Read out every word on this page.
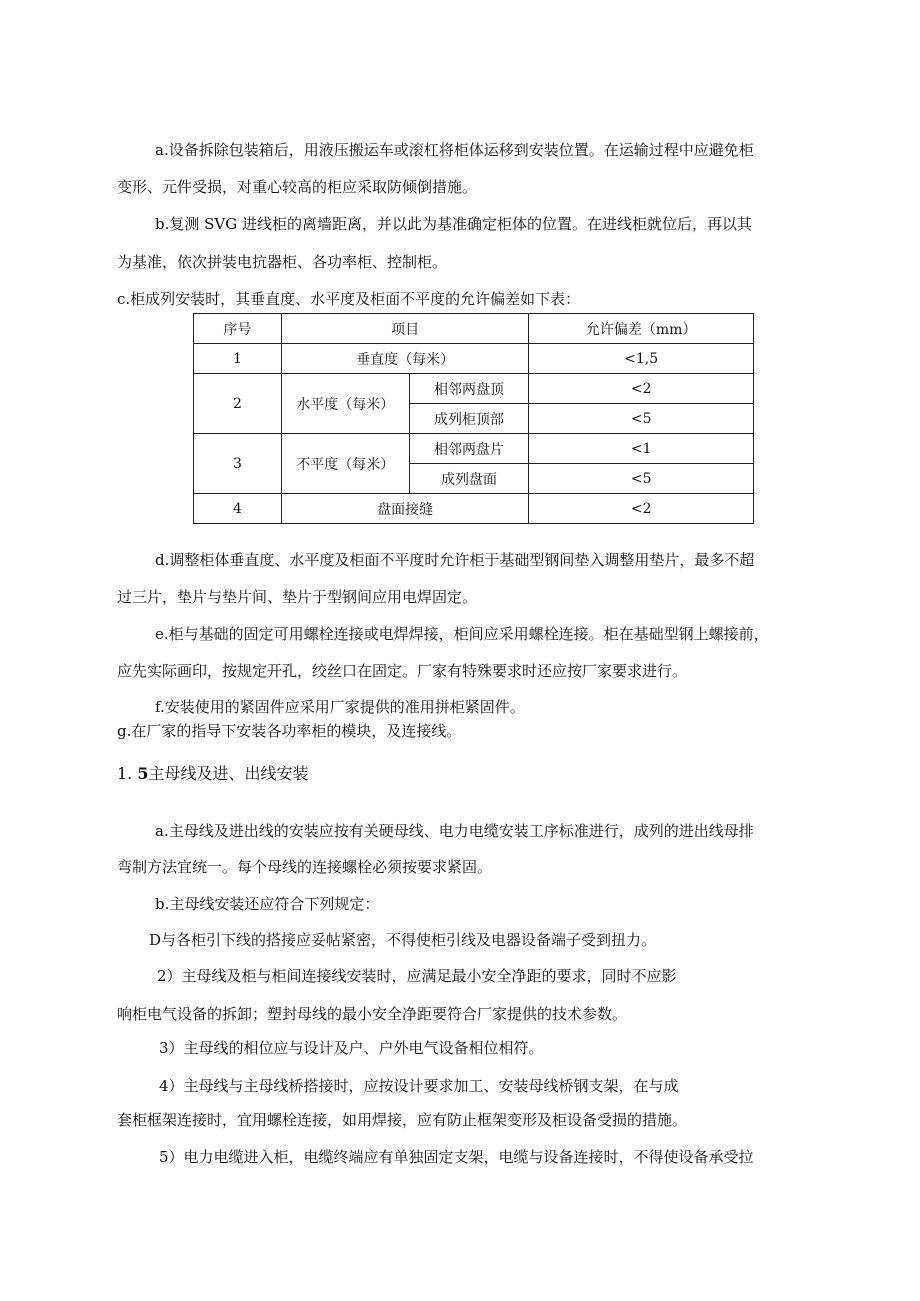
a.设备拆除包装箱后，用液压搬运车或滚杠将柜体运移到安装位置。在运输过程中应避免柜
变形、元件受损，对重心较高的柜应采取防倾倒措施。
b.复测 SVG 进线柜的离墙距离，并以此为基准确定柜体的位置。在进线柜就位后，再以其
为基准，依次拼装电抗器柜、各功率柜、控制柜。
c.柜成列安装时，其垂直度、水平度及柜面不平度的允许偏差如下表：
序号	项目		允许偏差（mm）
1	垂直度（每米）		<1,5
2	水平度（每米）	相邻两盘顶	<2
		成列柜顶部	<5
3	不平度（每米）	相邻两盘片	<1
		成列盘面	<5
4	盘面接缝		<2
d.调整柜体垂直度、水平度及柜面不平度时允许柜于基础型钢间垫入调整用垫片，最多不超
过三片，垫片与垫片间、垫片于型钢间应用电焊固定。
e.柜与基础的固定可用螺栓连接或电焊焊接，柜间应采用螺栓连接。柜在基础型钢上螺接前，
应先实际画印，按规定开孔，绞丝口在固定。厂家有特殊要求时还应按厂家要求进行。
f.安装使用的紧固件应采用厂家提供的准用拼柜紧固件。
g.在厂家的指导下安装各功率柜的模块，及连接线。
1. 5主母线及进、出线安装
a.主母线及进出线的安装应按有关硬母线、电力电缆安装工序标准进行，成列的进出线母排
弯制方法宜统一。每个母线的连接螺栓必须按要求紧固。
b.主母线安装还应符合下列规定：
D与各柜引下线的搭接应妥帖紧密，不得使柜引线及电器设备端子受到扭力。
2）主母线及柜与柜间连接线安装时，应满足最小安全净距的要求，同时不应影
响柜电气设备的拆卸；塑封母线的最小安全净距要符合厂家提供的技术参数。
3）主母线的相位应与设计及户、户外电气设备相位相符。
4）主母线与主母线桥搭接时，应按设计要求加工、安装母线桥钢支架，在与成
套柜框架连接时，宜用螺栓连接，如用焊接，应有防止框架变形及柜设备受损的措施。
5）电力电缆进入柜，电缆终端应有单独固定支架，电缆与设备连接时，不得使设备承受拉
